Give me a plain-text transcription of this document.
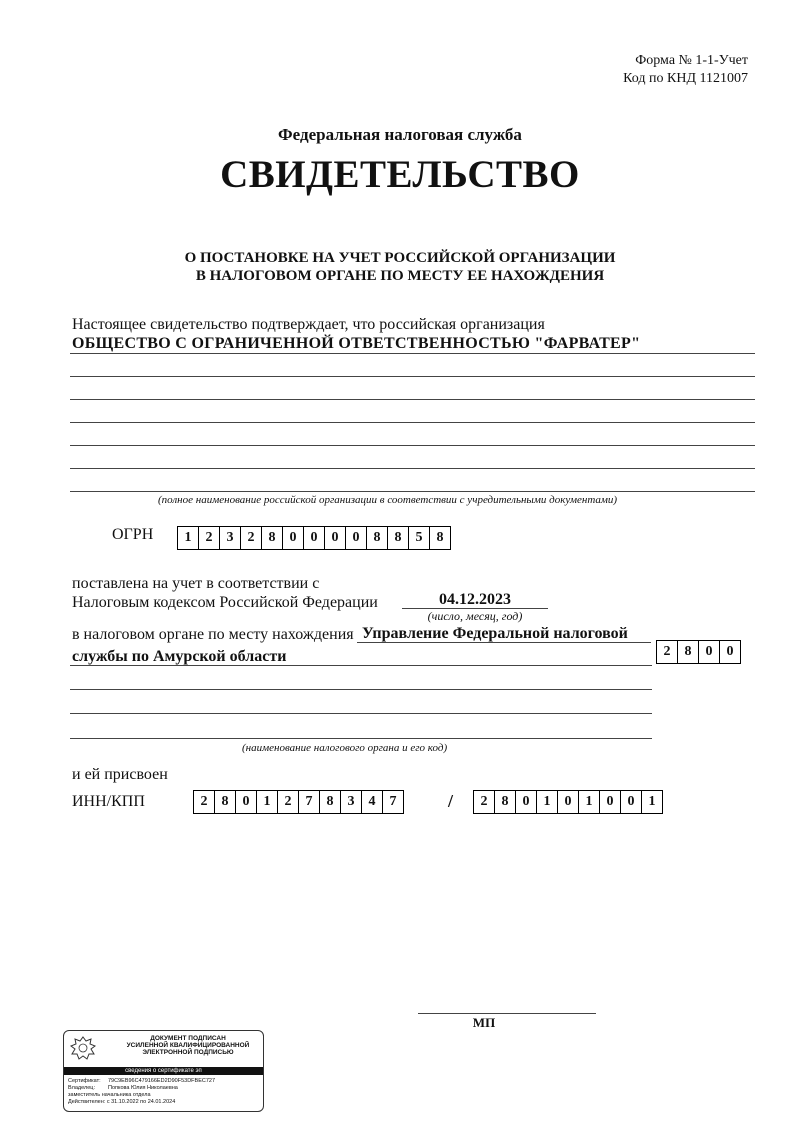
Форма № 1-1-Учет
Код по КНД 1121007
Федеральная налоговая служба
СВИДЕТЕЛЬСТВО
О ПОСТАНОВКЕ НА УЧЕТ РОССИЙСКОЙ ОРГАНИЗАЦИИ
В НАЛОГОВОМ ОРГАНЕ ПО МЕСТУ ЕЕ НАХОЖДЕНИЯ
Настоящее свидетельство подтверждает, что российская организация
ОБЩЕСТВО С ОГРАНИЧЕННОЙ ОТВЕТСТВЕННОСТЬЮ "ФАРВАТЕР"
(полное наименование российской организации в соответствии с учредительными документами)
ОГРН	1	2	3	2	8	0	0	0	0	8	8	5	8
поставлена на учет в соответствии с
Налоговым кодексом Российской Федерации	04.12.2023
(число, месяц, год)
в налоговом органе по месту нахождения Управление Федеральной налоговой
службы по Амурской области	2	8	0	0
(наименование налогового органа и его код)
и ей присвоен
ИНН/КПП	2	8	0	1	2	7	8	3	4	7	/	2	8	0	1	0	1	0	0	1
МП
ДОКУМЕНТ ПОДПИСАН
УСИЛЕННОЙ КВАЛИФИЦИРОВАННОЙ
ЭЛЕКТРОННОЙ ПОДПИСЬЮ
сведения о сертификате эп
Сертификат: 79C9EB96C479166ED2D90F53DFBEC727
Владелец: Попкова Юлия Николаевна
заместитель начальника отдела
Действителен: с 31.10.2022 по 24.01.2024
